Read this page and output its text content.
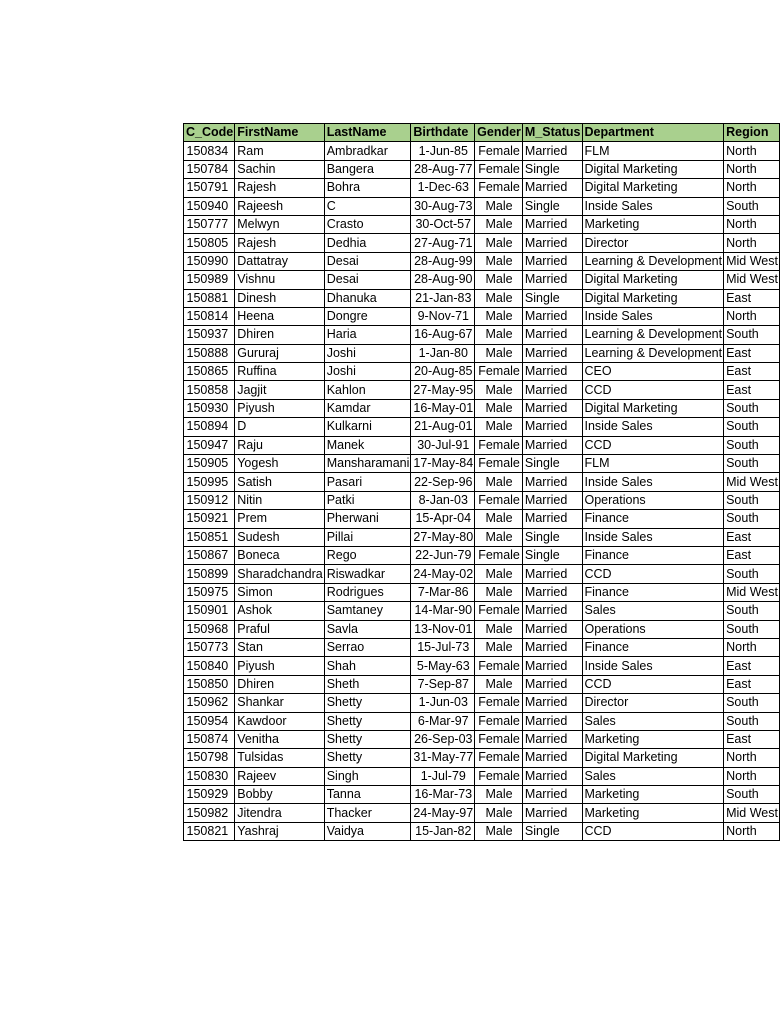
C_Code	FirstName	LastName	Birthdate	Gender	M_Status	Department	Region
150834	Ram	Ambradkar	1-Jun-85	Female	Married	FLM	North
150784	Sachin	Bangera	28-Aug-77	Female	Single	Digital Marketing	North
150791	Rajesh	Bohra	1-Dec-63	Female	Married	Digital Marketing	North
150940	Rajeesh	C	30-Aug-73	Male	Single	Inside Sales	South
150777	Melwyn	Crasto	30-Oct-57	Male	Married	Marketing	North
150805	Rajesh	Dedhia	27-Aug-71	Male	Married	Director	North
150990	Dattatray	Desai	28-Aug-99	Male	Married	Learning & Development	Mid West
150989	Vishnu	Desai	28-Aug-90	Male	Married	Digital Marketing	Mid West
150881	Dinesh	Dhanuka	21-Jan-83	Male	Single	Digital Marketing	East
150814	Heena	Dongre	9-Nov-71	Male	Married	Inside Sales	North
150937	Dhiren	Haria	16-Aug-67	Male	Married	Learning & Development	South
150888	Gururaj	Joshi	1-Jan-80	Male	Married	Learning & Development	East
150865	Ruffina	Joshi	20-Aug-85	Female	Married	CEO	East
150858	Jagjit	Kahlon	27-May-95	Male	Married	CCD	East
150930	Piyush	Kamdar	16-May-01	Male	Married	Digital Marketing	South
150894	D	Kulkarni	21-Aug-01	Male	Married	Inside Sales	South
150947	Raju	Manek	30-Jul-91	Female	Married	CCD	South
150905	Yogesh	Mansharamani	17-May-84	Female	Single	FLM	South
150995	Satish	Pasari	22-Sep-96	Male	Married	Inside Sales	Mid West
150912	Nitin	Patki	8-Jan-03	Female	Married	Operations	South
150921	Prem	Pherwani	15-Apr-04	Male	Married	Finance	South
150851	Sudesh	Pillai	27-May-80	Male	Single	Inside Sales	East
150867	Boneca	Rego	22-Jun-79	Female	Single	Finance	East
150899	Sharadchandra	Riswadkar	24-May-02	Male	Married	CCD	South
150975	Simon	Rodrigues	7-Mar-86	Male	Married	Finance	Mid West
150901	Ashok	Samtaney	14-Mar-90	Female	Married	Sales	South
150968	Praful	Savla	13-Nov-01	Male	Married	Operations	South
150773	Stan	Serrao	15-Jul-73	Male	Married	Finance	North
150840	Piyush	Shah	5-May-63	Female	Married	Inside Sales	East
150850	Dhiren	Sheth	7-Sep-87	Male	Married	CCD	East
150962	Shankar	Shetty	1-Jun-03	Female	Married	Director	South
150954	Kawdoor	Shetty	6-Mar-97	Female	Married	Sales	South
150874	Venitha	Shetty	26-Sep-03	Female	Married	Marketing	East
150798	Tulsidas	Shetty	31-May-77	Female	Married	Digital Marketing	North
150830	Rajeev	Singh	1-Jul-79	Female	Married	Sales	North
150929	Bobby	Tanna	16-Mar-73	Male	Married	Marketing	South
150982	Jitendra	Thacker	24-May-97	Male	Married	Marketing	Mid West
150821	Yashraj	Vaidya	15-Jan-82	Male	Single	CCD	North
